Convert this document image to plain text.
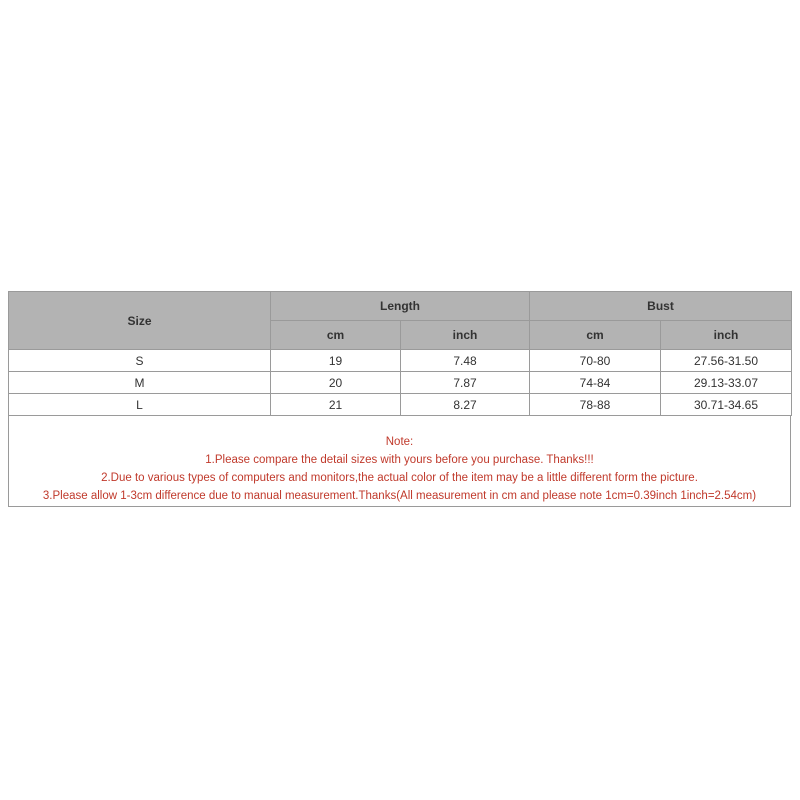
Size	Length		Bust	
	cm	inch	cm	inch
S	19	7.48	70-80	27.56-31.50
M	20	7.87	74-84	29.13-33.07
L	21	8.27	78-88	30.71-34.65
Note:
1.Please compare the detail sizes with yours before you purchase. Thanks!!!
2.Due to various types of computers and monitors,the actual color of the item may be a little different form the picture.
3.Please allow 1-3cm difference due to manual measurement.Thanks(All measurement in cm and please note 1cm=0.39inch 1inch=2.54cm)
